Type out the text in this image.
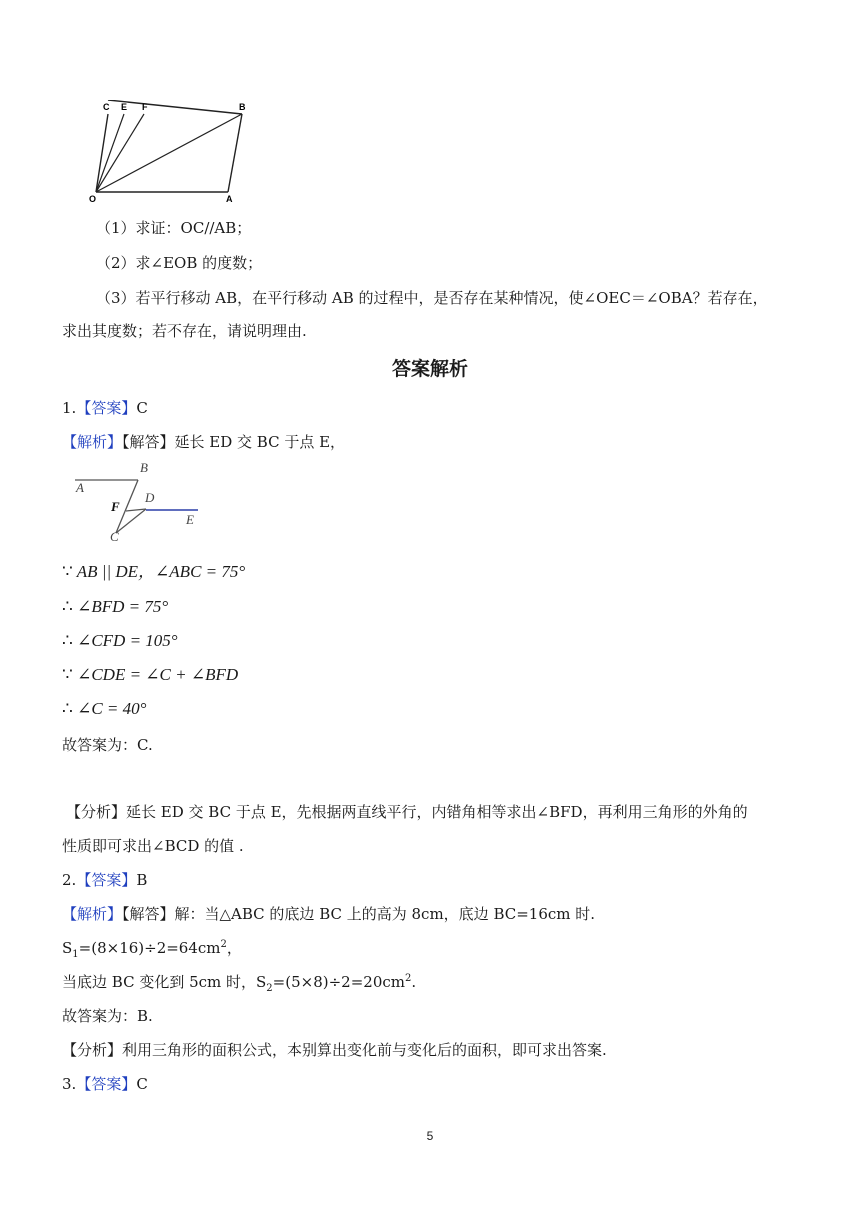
C E F	B
O	A
（1）求证：OC//AB；
（2）求∠EOB 的度数；
（3）若平行移动 AB，在平行移动 AB 的过程中，是否存在某种情况，使∠OEC＝∠OBA？若存在，
求出其度数；若不存在，请说明理由.
答案解析
1.【答案】C
【解析】【解答】延长 ED 交 BC 于点 E，
A
B
F
D
E
C
∵ AB || DE，∠ABC = 75°
∴ ∠BFD = 75°
∴ ∠CFD = 105°
∵ ∠CDE = ∠C + ∠BFD
∴ ∠C = 40°
故答案为：C.
【分析】延长 ED 交 BC 于点 E，先根据两直线平行，内错角相等求出∠BFD，再利用三角形的外角的
性质即可求出∠BCD 的值 .
2.【答案】B
【解析】【解答】解：当△ABC 的底边 BC 上的高为 8cm，底边 BC=16cm 时.
$S_1=(8\times 16)\div 2=64cm^2$，
当底边 BC 变化到 5cm 时，$S_2=(5\times 8)\div 2=20cm^2$.
故答案为：B.
【分析】利用三角形的面积公式，本别算出变化前与变化后的面积，即可求出答案.
3.【答案】C
5
